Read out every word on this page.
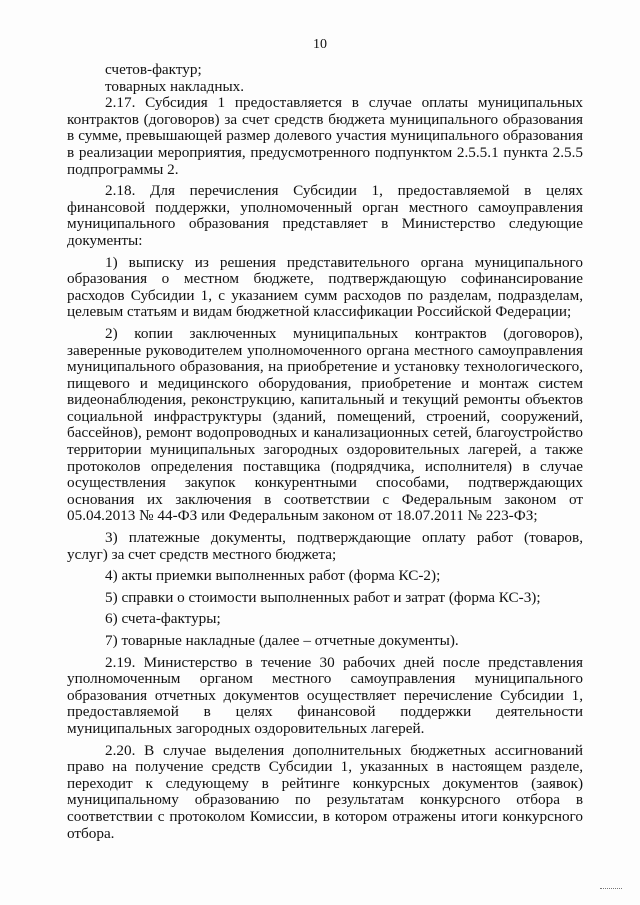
10

счетов-фактур;

товарных накладных.

2.17. Субсидия 1 предоставляется в случае оплаты муниципальных контрактов (договоров) за счет средств бюджета муниципального образования в сумме, превышающей размер долевого участия муниципального образования в реализации мероприятия, предусмотренного подпунктом 2.5.5.1 пункта 2.5.5 подпрограммы 2.

2.18. Для перечисления Субсидии 1, предоставляемой в целях финансовой поддержки, уполномоченный орган местного самоуправления муниципального образования представляет в Министерство следующие документы:

1) выписку из решения представительного органа муниципального образования о местном бюджете, подтверждающую софинансирование расходов Субсидии 1, с указанием сумм расходов по разделам, подразделам, целевым статьям и видам бюджетной классификации Российской Федерации;

2) копии заключенных муниципальных контрактов (договоров), заверенные руководителем уполномоченного органа местного самоуправления муниципального образования, на приобретение и установку технологического, пищевого и медицинского оборудования, приобретение и монтаж систем видеонаблюдения, реконструкцию, капитальный и текущий ремонты объектов социальной инфраструктуры (зданий, помещений, строений, сооружений, бассейнов), ремонт водопроводных и канализационных сетей, благоустройство территории муниципальных загородных оздоровительных лагерей, а также протоколов определения поставщика (подрядчика, исполнителя) в случае осуществления закупок конкурентными способами, подтверждающих основания их заключения в соответствии с Федеральным законом от 05.04.2013 № 44-ФЗ или Федеральным законом от 18.07.2011 № 223-ФЗ;

3) платежные документы, подтверждающие оплату работ (товаров, услуг) за счет средств местного бюджета;

4) акты приемки выполненных работ (форма КС-2);

5) справки о стоимости выполненных работ и затрат (форма КС-3);

6) счета-фактуры;

7) товарные накладные (далее – отчетные документы).

2.19. Министерство в течение 30 рабочих дней после представления уполномоченным органом местного самоуправления муниципального образования отчетных документов осуществляет перечисление Субсидии 1, предоставляемой в целях финансовой поддержки деятельности муниципальных загородных оздоровительных лагерей.

2.20. В случае выделения дополнительных бюджетных ассигнований право на получение средств Субсидии 1, указанных в настоящем разделе, переходит к следующему в рейтинге конкурсных документов (заявок) муниципальному образованию по результатам конкурсного отбора в соответствии с протоколом Комиссии, в котором отражены итоги конкурсного отбора.
